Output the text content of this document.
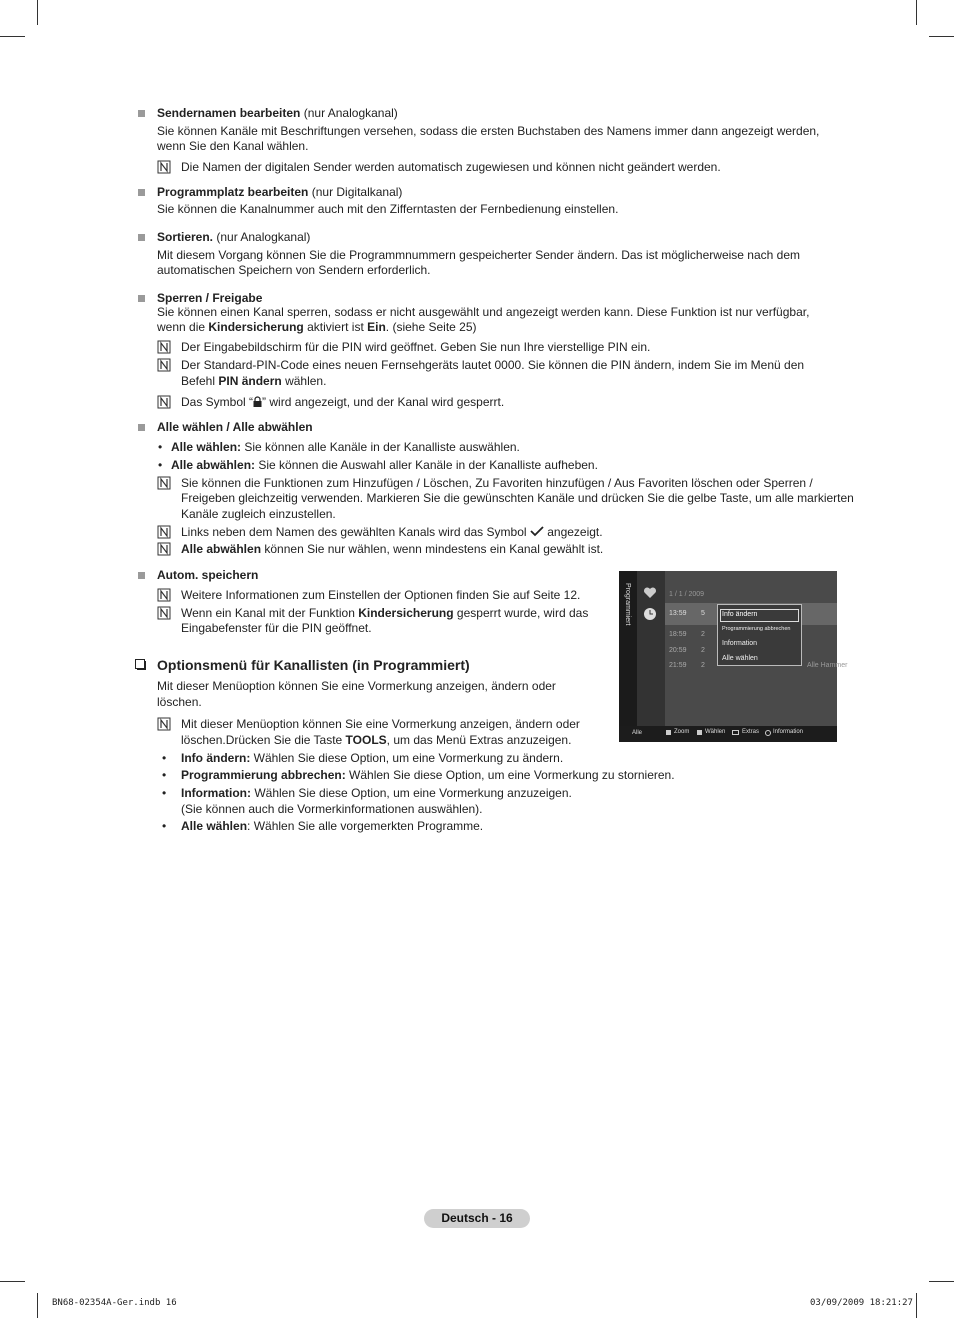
Sendernamen bearbeiten (nur Analogkanal)
Sie können Kanäle mit Beschriftungen versehen, sodass die ersten Buchstaben des Namens immer dann angezeigt werden,
wenn Sie den Kanal wählen.
Die Namen der digitalen Sender werden automatisch zugewiesen und können nicht geändert werden.
Programmplatz bearbeiten (nur Digitalkanal)
Sie können die Kanalnummer auch mit den Zifferntasten der Fernbedienung einstellen.
Sortieren. (nur Analogkanal)
Mit diesem Vorgang können Sie die Programmnummern gespeicherter Sender ändern. Das ist möglicherweise nach dem
automatischen Speichern von Sendern erforderlich.
Sperren / Freigabe
Sie können einen Kanal sperren, sodass er nicht ausgewählt und angezeigt werden kann. Diese Funktion ist nur verfügbar,
wenn die Kindersicherung aktiviert ist Ein. (siehe Seite 25)
Der Eingabebildschirm für die PIN wird geöffnet. Geben Sie nun Ihre vierstellige PIN ein.
Der Standard-PIN-Code eines neuen Fernsehgeräts lautet 0000. Sie können die PIN ändern, indem Sie im Menü den
Befehl PIN ändern wählen.
Das Symbol “ ” wird angezeigt, und der Kanal wird gesperrt.
Alle wählen / Alle abwählen
• Alle wählen: Sie können alle Kanäle in der Kanalliste auswählen.
• Alle abwählen: Sie können die Auswahl aller Kanäle in der Kanalliste aufheben.
Sie können die Funktionen zum Hinzufügen / Löschen, Zu Favoriten hinzufügen / Aus Favoriten löschen oder Sperren /
Freigeben gleichzeitig verwenden. Markieren Sie die gewünschten Kanäle und drücken Sie die gelbe Taste, um alle markierten
Kanäle zugleich einzustellen.
Links neben dem Namen des gewählten Kanals wird das Symbol angezeigt.
Alle abwählen können Sie nur wählen, wenn mindestens ein Kanal gewählt ist.
Autom. speichern
Weitere Informationen zum Einstellen der Optionen finden Sie auf Seite 12.
Wenn ein Kanal mit der Funktion Kindersicherung gesperrt wurde, wird das
Eingabefenster für die PIN geöffnet.
Optionsmenü für Kanallisten (in Programmiert)
Mit dieser Menüoption können Sie eine Vormerkung anzeigen, ändern oder
löschen.
Mit dieser Menüoption können Sie eine Vormerkung anzeigen, ändern oder
löschen.Drücken Sie die Taste TOOLS, um das Menü Extras anzuzeigen.
• Info ändern: Wählen Sie diese Option, um eine Vormerkung zu ändern.
• Programmierung abbrechen: Wählen Sie diese Option, um eine Vormerkung zu stornieren.
• Information: Wählen Sie diese Option, um eine Vormerkung anzuzeigen.
(Sie können auch die Vormerkinformationen auswählen).
• Alle wählen: Wählen Sie alle vorgemerkten Programme.
Programmiert	1 / 1 / 2009
13:59 5
18:59 2
20:59 2
21:59 2	Alle Hammer
Info ändern
Programmierung abbrechen
Information
Alle wählen
Alle	Zoom	Wählen	Extras Information
Deutsch - 16
BN68-02354A-Ger.indb 16	03/09/2009 18:21:27
